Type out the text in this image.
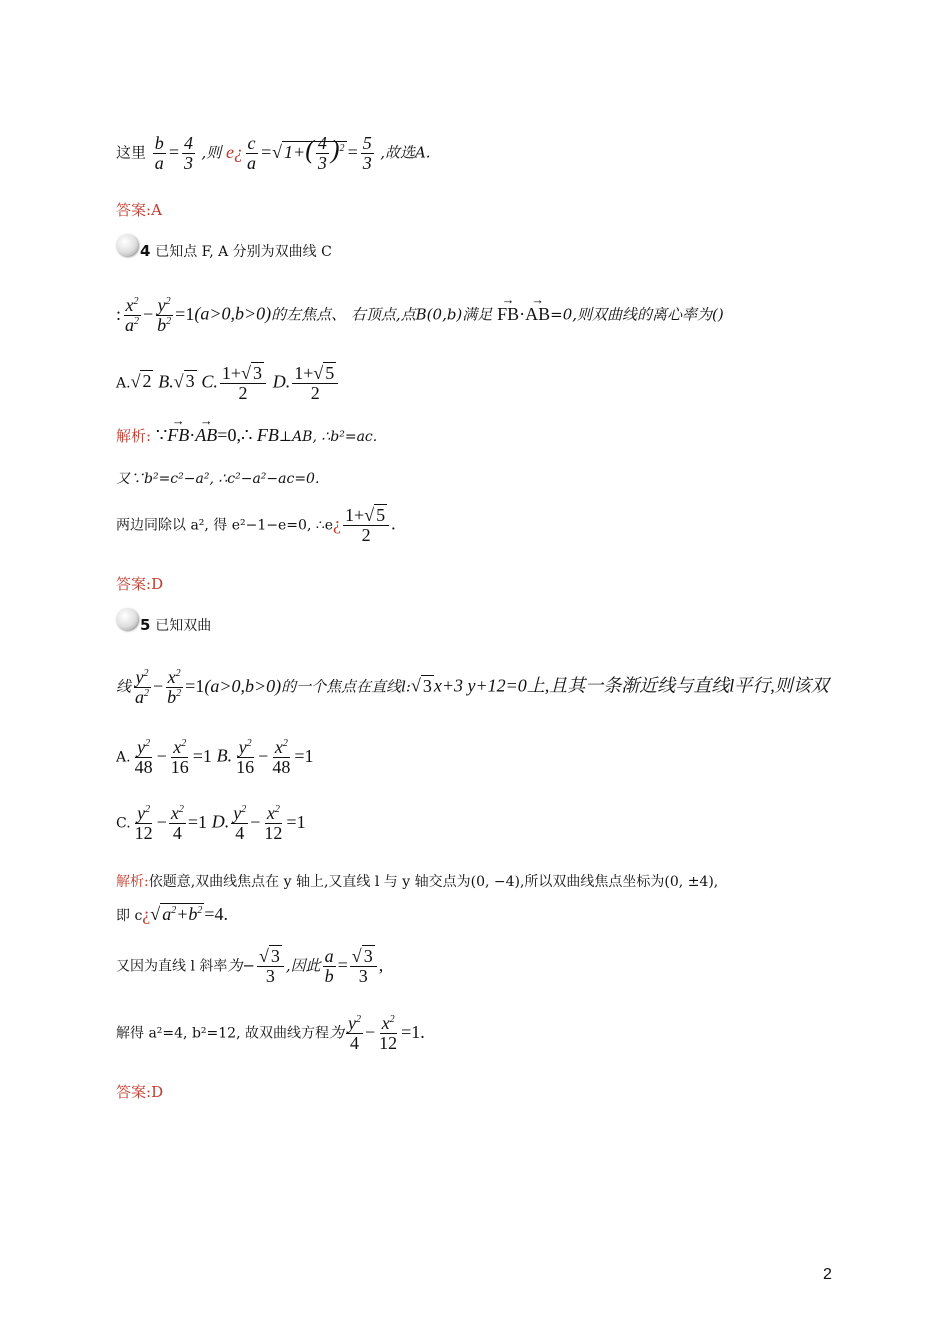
这里 $\frac{b}{a} = \frac{4}{3}$ ,则 e¿ $\frac{c}{a}$ =√ $1+( \frac{4}{3} )^2 = \frac{5}{3}$ ,故选A.
答案:A
4 已知点 F, A 分别为双曲线 C
: $\frac{x^2}{a^2} - \frac{y^2}{b^2} =1(a>0,b>0)$的左焦点、 右顶点,点B(0,b)满足 → FB·→ AB=0,则双曲线的离心率为()
A.√ 2 B.√ 3 C. $\frac{1+√ 3}{2} D$. $\frac{1+√ 5}{2}$
解析: ∵→ FB·→ AB=0,∴ FB⊥AB, ∴b²=ac.
又∵b²=c²−a², ∴c²−a²−ac=0.
两边同除以 a², 得 e²−1−e=0, ∴e¿ $\frac{1+√ 5}{2}$ .
答案:D
5 已知双曲
线 $\frac{y^2}{a^2} - \frac{x^2}{b^2} =1(a>0,b>0)$的一个焦点在直线l:√ 3 x+3 y+12=0上,且其一条渐近线与直线l平行,则该双
A. $\frac{y^2}{48} - \frac{x^2}{16} =1$ B. $\frac{y^2}{16} - \frac{x^2}{48} =1$
C. $\frac{y^2}{12} - \frac{x^2}{4} =1$ D. $\frac{y^2}{4} - \frac{x^2}{12} =1$
解析:依题意,双曲线焦点在 y 轴上,又直线 l 与 y 轴交点为(0, −4),所以双曲线焦点坐标为(0, ±4),
即 c¿√ $a^2+b^2 =4$.
又因为直线 l 斜率为− $\frac{√ 3}{3}$ ,因此 $\frac{a}{b} = \frac{√ 3}{3}$ ,
解得 a²=4, b²=12, 故双曲线方程为 $\frac{y^2}{4} - \frac{x^2}{12} =1$.
答案:D
2
